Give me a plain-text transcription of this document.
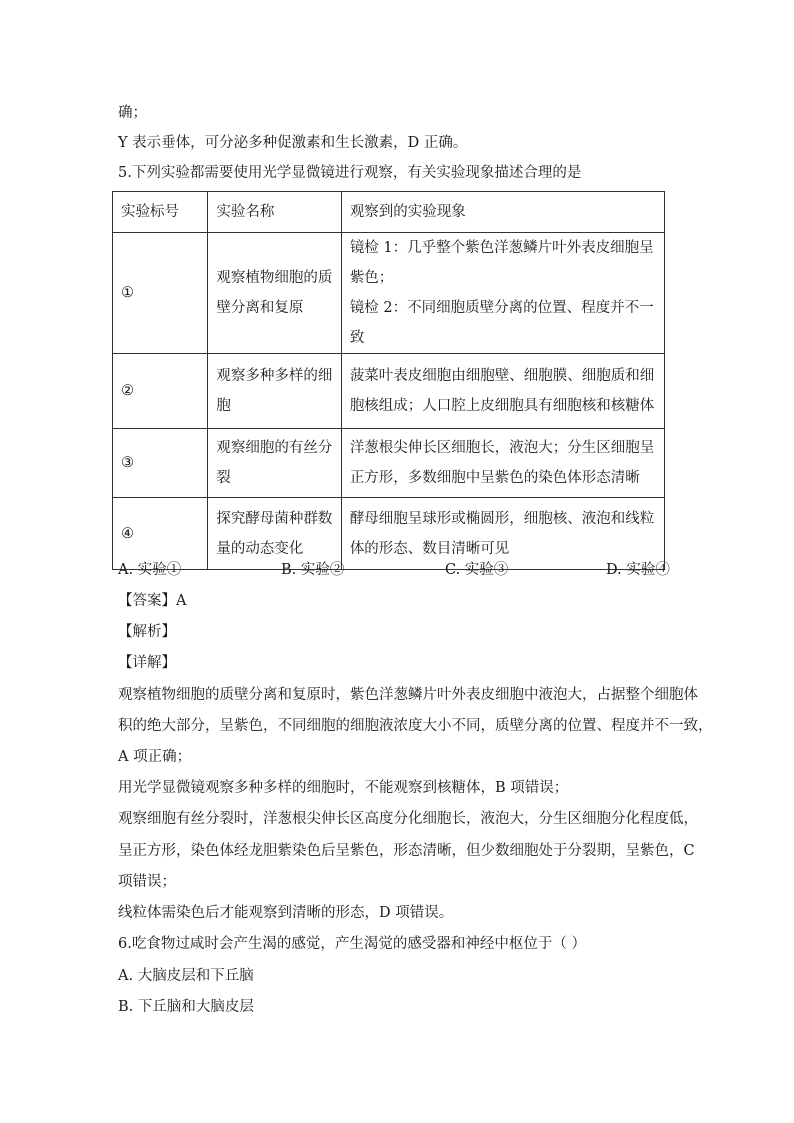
确；
Y 表示垂体，可分泌多种促激素和生长激素，D 正确。
5.下列实验都需要使用光学显微镜进行观察，有关实验现象描述合理的是
实验标号	实验名称	观察到的实验现象
①	观察植物细胞的质壁分离和复原	镜检 1：几乎整个紫色洋葱鳞片叶外表皮细胞呈紫色；
镜检 2：不同细胞质壁分离的位置、程度并不一致

②	观察多种多样的细胞	菠菜叶表皮细胞由细胞壁、细胞膜、细胞质和细胞核组成；人口腔上皮细胞具有细胞核和核糖体

③	观察细胞的有丝分裂	洋葱根尖伸长区细胞长，液泡大；分生区细胞呈正方形，多数细胞中呈紫色的染色体形态清晰

④	探究酵母菌种群数量的动态变化	酵母细胞呈球形或椭圆形，细胞核、液泡和线粒体的形态、数目清晰可见
A. 实验①	B. 实验②	C. 实验③	D. 实验④
【答案】A
【解析】
【详解】
观察植物细胞的质壁分离和复原时，紫色洋葱鳞片叶外表皮细胞中液泡大，占据整个细胞体
积的绝大部分，呈紫色，不同细胞的细胞液浓度大小不同，质壁分离的位置、程度并不一致，
A 项正确；
用光学显微镜观察多种多样的细胞时，不能观察到核糖体，B 项错误；
观察细胞有丝分裂时，洋葱根尖伸长区高度分化细胞长，液泡大，分生区细胞分化程度低，
呈正方形，染色体经龙胆紫染色后呈紫色，形态清晰，但少数细胞处于分裂期，呈紫色，C
项错误；
线粒体需染色后才能观察到清晰的形态，D 项错误。
6.吃食物过咸时会产生渴的感觉，产生渴觉的感受器和神经中枢位于（ ）
A. 大脑皮层和下丘脑
B. 下丘脑和大脑皮层
